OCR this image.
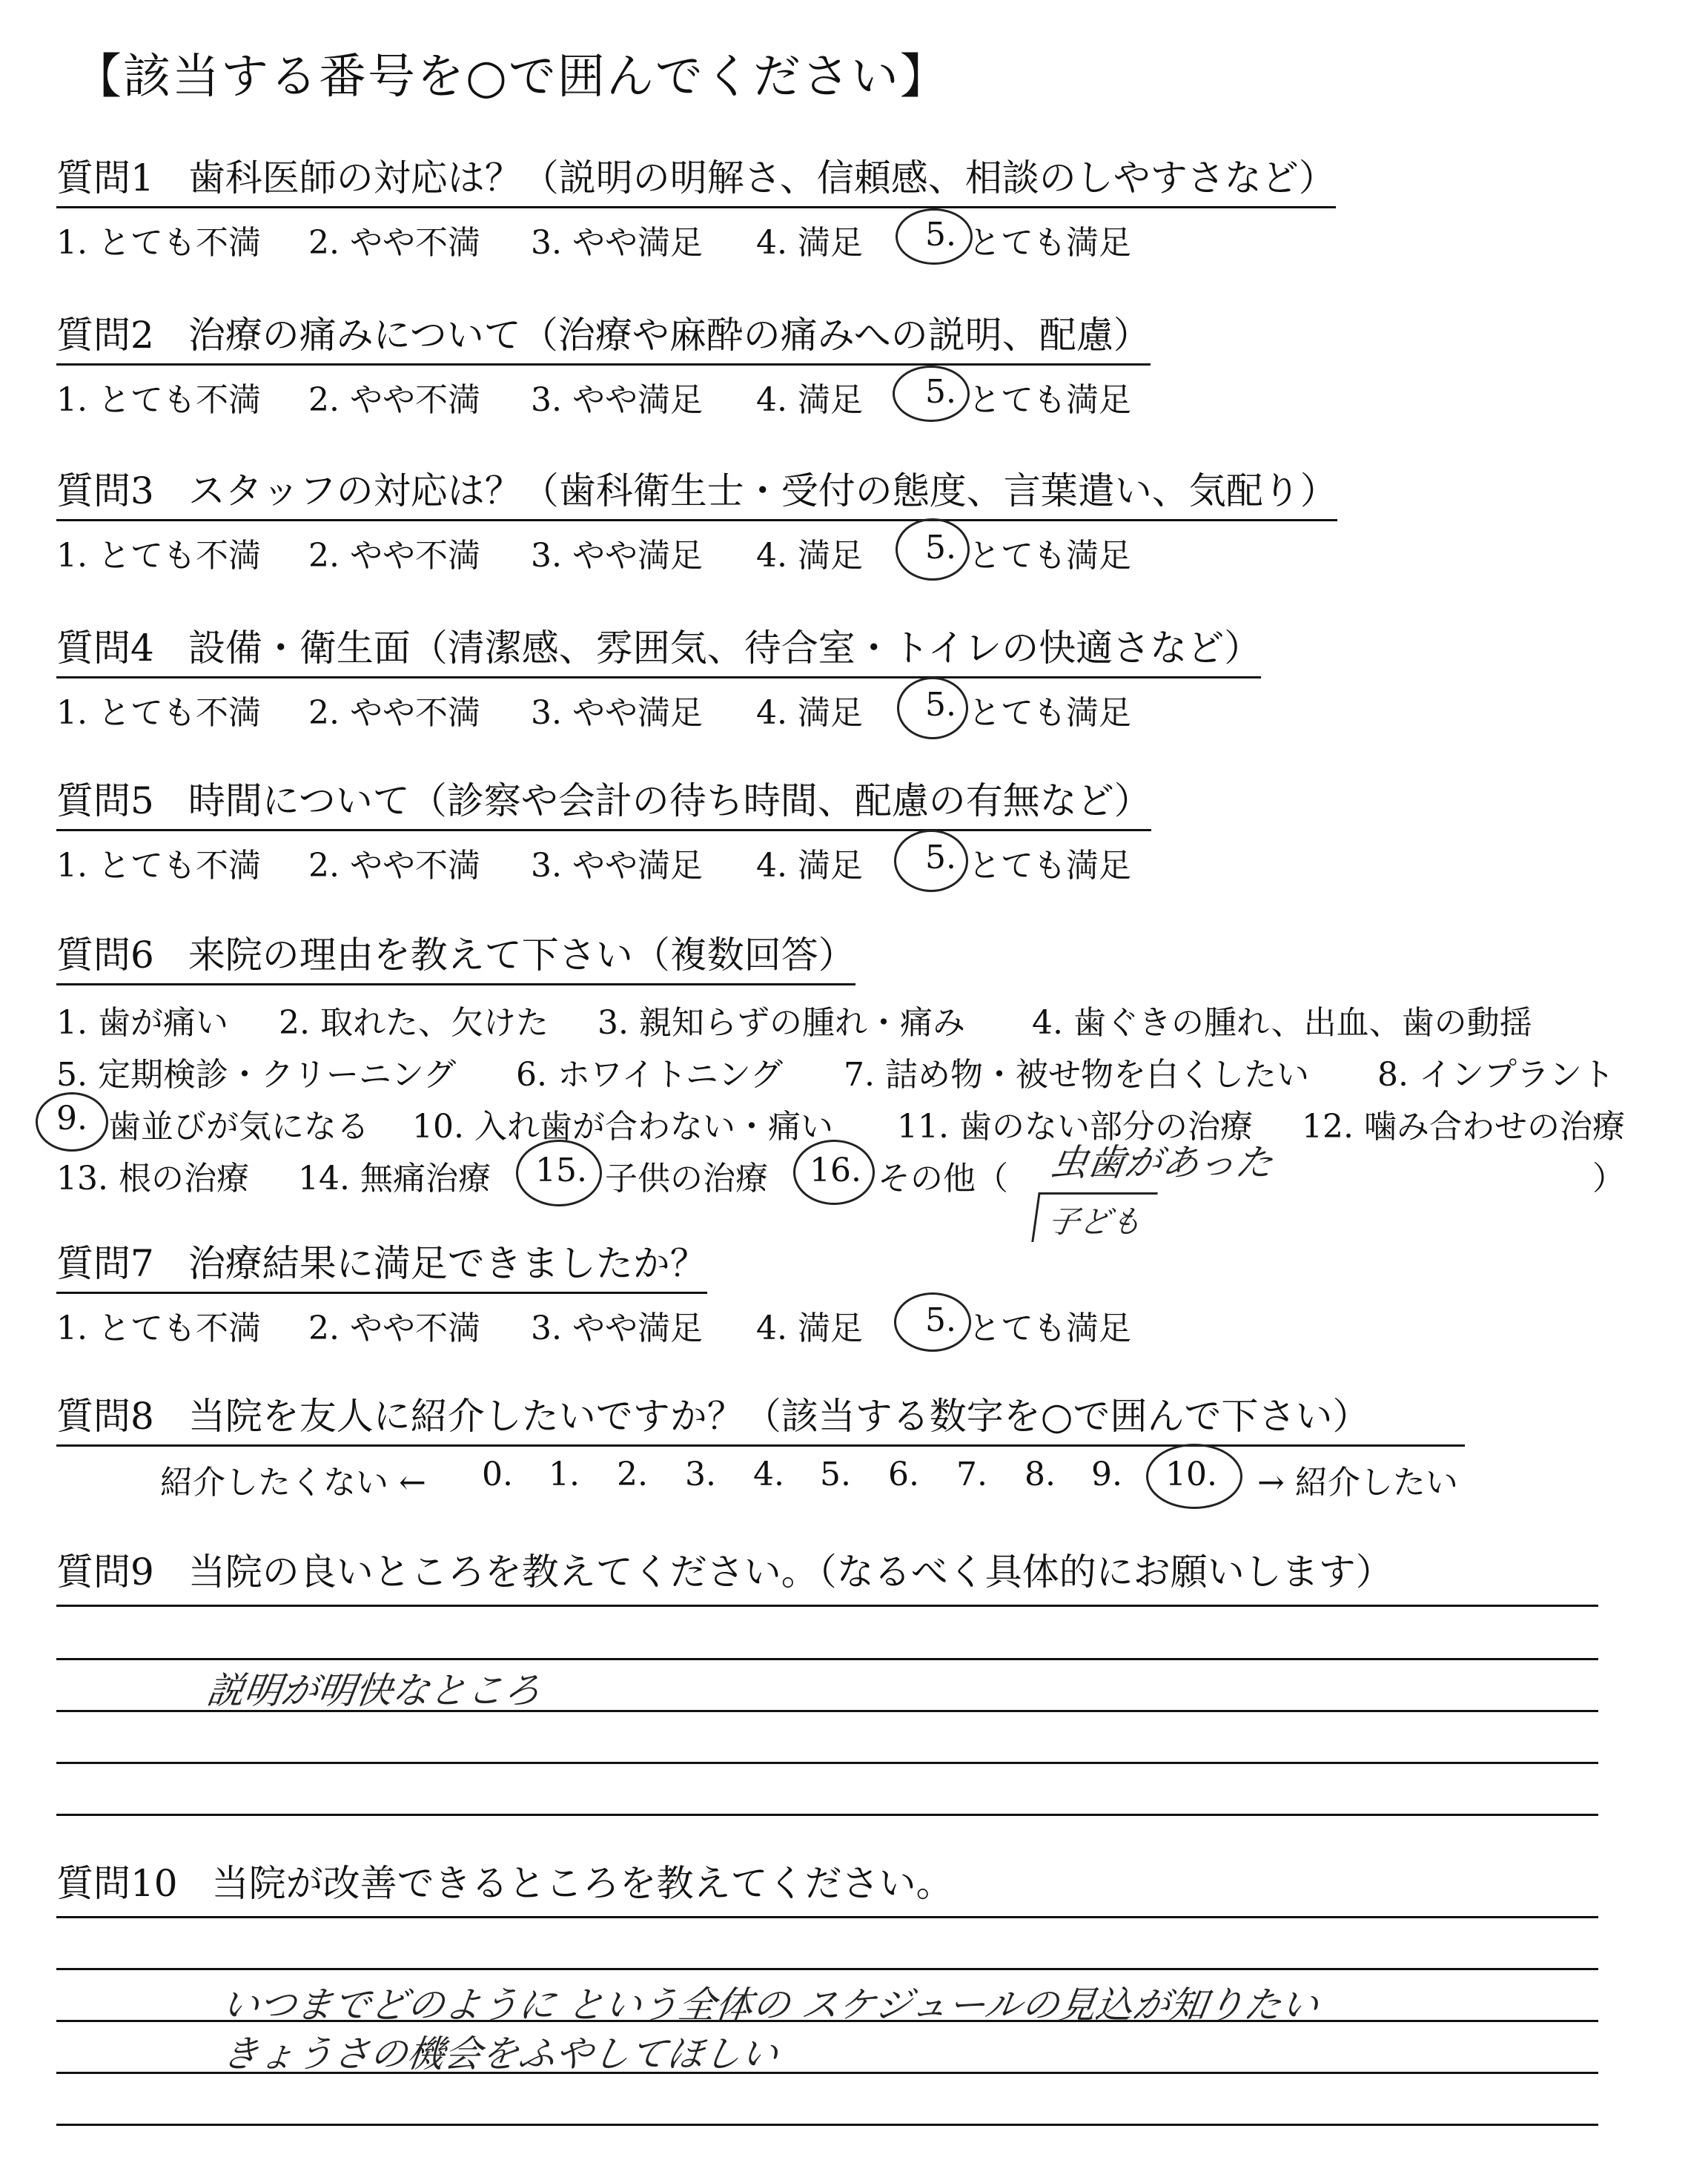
【該当する番号を○で囲んでください】
質問1 歯科医師の対応は？（説明の明解さ、信頼感、相談のしやすさなど）
1. とても不満 2. やや不満 3. やや満足 4. 満足 5. とても満足
質問2 治療の痛みについて（治療や麻酔の痛みへの説明、配慮）
1. とても不満 2. やや不満 3. やや満足 4. 満足 5. とても満足
質問3 スタッフの対応は？（歯科衛生士・受付の態度、言葉遣い、気配り）
1. とても不満 2. やや不満 3. やや満足 4. 満足 5. とても満足
質問4 設備・衛生面（清潔感、雰囲気、待合室・トイレの快適さなど）
1. とても不満 2. やや不満 3. やや満足 4. 満足 5. とても満足
質問5 時間について（診察や会計の待ち時間、配慮の有無など）
1. とても不満 2. やや不満 3. やや満足 4. 満足 5. とても満足
質問6 来院の理由を教えて下さい（複数回答）
1. 歯が痛い 2. 取れた、欠けた 3. 親知らずの腫れ・痛み 4. 歯ぐきの腫れ、出血、歯の動揺
5. 定期検診・クリーニング 6. ホワイトニング 7. 詰め物・被せ物を白くしたい 8. インプラント
9. 歯並びが気になる 10. 入れ歯が合わない・痛い 11. 歯のない部分の治療 12. 噛み合わせの治療
13. 根の治療 14. 無痛治療 15. 子供の治療 16. その他（	）
虫歯があった
子ども
質問7 治療結果に満足できましたか？
1. とても不満 2. やや不満 3. やや満足 4. 満足 5. とても満足
質問8 当院を友人に紹介したいですか？（該当する数字を○で囲んで下さい）
紹介したくない ← 0. 1. 2. 3. 4. 5. 6. 7. 8. 9. 10. → 紹介したい
質問9 当院の良いところを教えてください。（なるべく具体的にお願いします）
説明が明快なところ
質問10 当院が改善できるところを教えてください。
いつまでどのように という全体の スケジュールの見込が知りたい
きょうさの機会をふやしてほしい
